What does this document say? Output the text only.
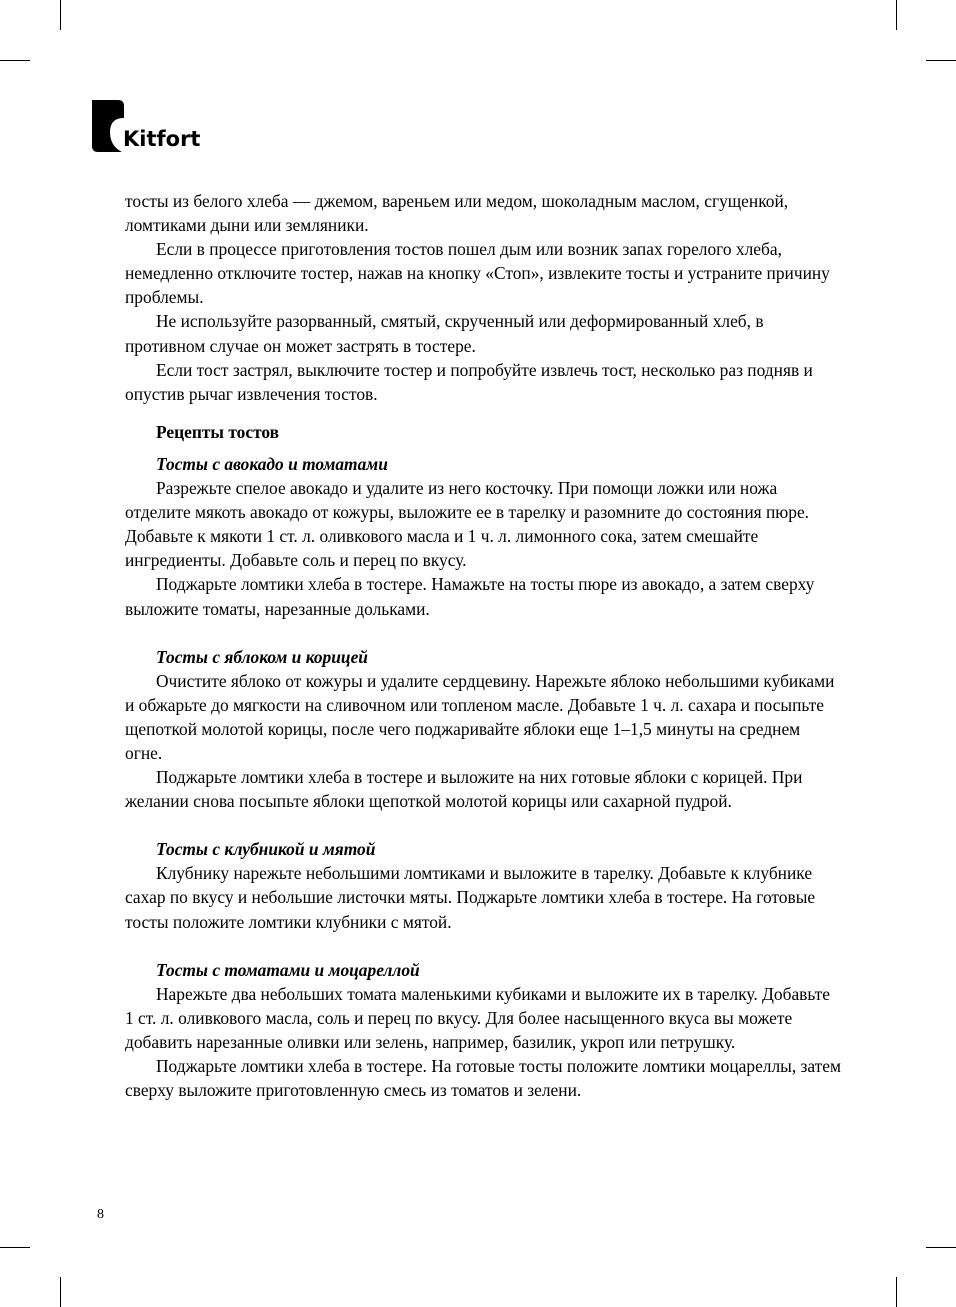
Kitfort

тосты из белого хлеба — джемом, вареньем или медом, шоколадным маслом, сгущенкой, ломтиками дыни или земляники.

Если в процессе приготовления тостов пошел дым или возник запах горелого хлеба, немедленно отключите тостер, нажав на кнопку «Стоп», извлеките тосты и устраните причину проблемы.

Не используйте разорванный, смятый, скрученный или деформированный хлеб, в противном случае он может застрять в тостере.

Если тост застрял, выключите тостер и попробуйте извлечь тост, несколько раз подняв и опустив рычаг извлечения тостов.

Рецепты тостов
Тосты с авокадо и томатами

Разрежьте спелое авокадо и удалите из него косточку. При помощи ложки или ножа отделите мякоть авокадо от кожуры, выложите ее в тарелку и разомните до состояния пюре. Добавьте к мякоти 1 ст. л. оливкового масла и 1 ч. л. лимонного сока, затем смешайте ингредиенты. Добавьте соль и перец по вкусу.

Поджарьте ломтики хлеба в тостере. Намажьте на тосты пюре из авокадо, а затем сверху выложите томаты, нарезанные дольками.

Тосты с яблоком и корицей

Очистите яблоко от кожуры и удалите сердцевину. Нарежьте яблоко небольшими кубиками и обжарьте до мягкости на сливочном или топленом масле. Добавьте 1 ч. л. сахара и посыпьте щепоткой молотой корицы, после чего поджаривайте яблоки еще 1–1,5 минуты на среднем огне.

Поджарьте ломтики хлеба в тостере и выложите на них готовые яблоки с корицей. При желании снова посыпьте яблоки щепоткой молотой корицы или сахарной пудрой.

Тосты с клубникой и мятой

Клубнику нарежьте небольшими ломтиками и выложите в тарелку. Добавьте к клубнике сахар по вкусу и небольшие листочки мяты. Поджарьте ломтики хлеба в тостере. На готовые тосты положите ломтики клубники с мятой.

Тосты с томатами и моцареллой

Нарежьте два небольших томата маленькими кубиками и выложите их в тарелку. Добавьте 1 ст. л. оливкового масла, соль и перец по вкусу. Для более насыщенного вкуса вы можете добавить нарезанные оливки или зелень, например, базилик, укроп или петрушку.

Поджарьте ломтики хлеба в тостере. На готовые тосты положите ломтики моцареллы, затем сверху выложите приготовленную смесь из томатов и зелени.

8
